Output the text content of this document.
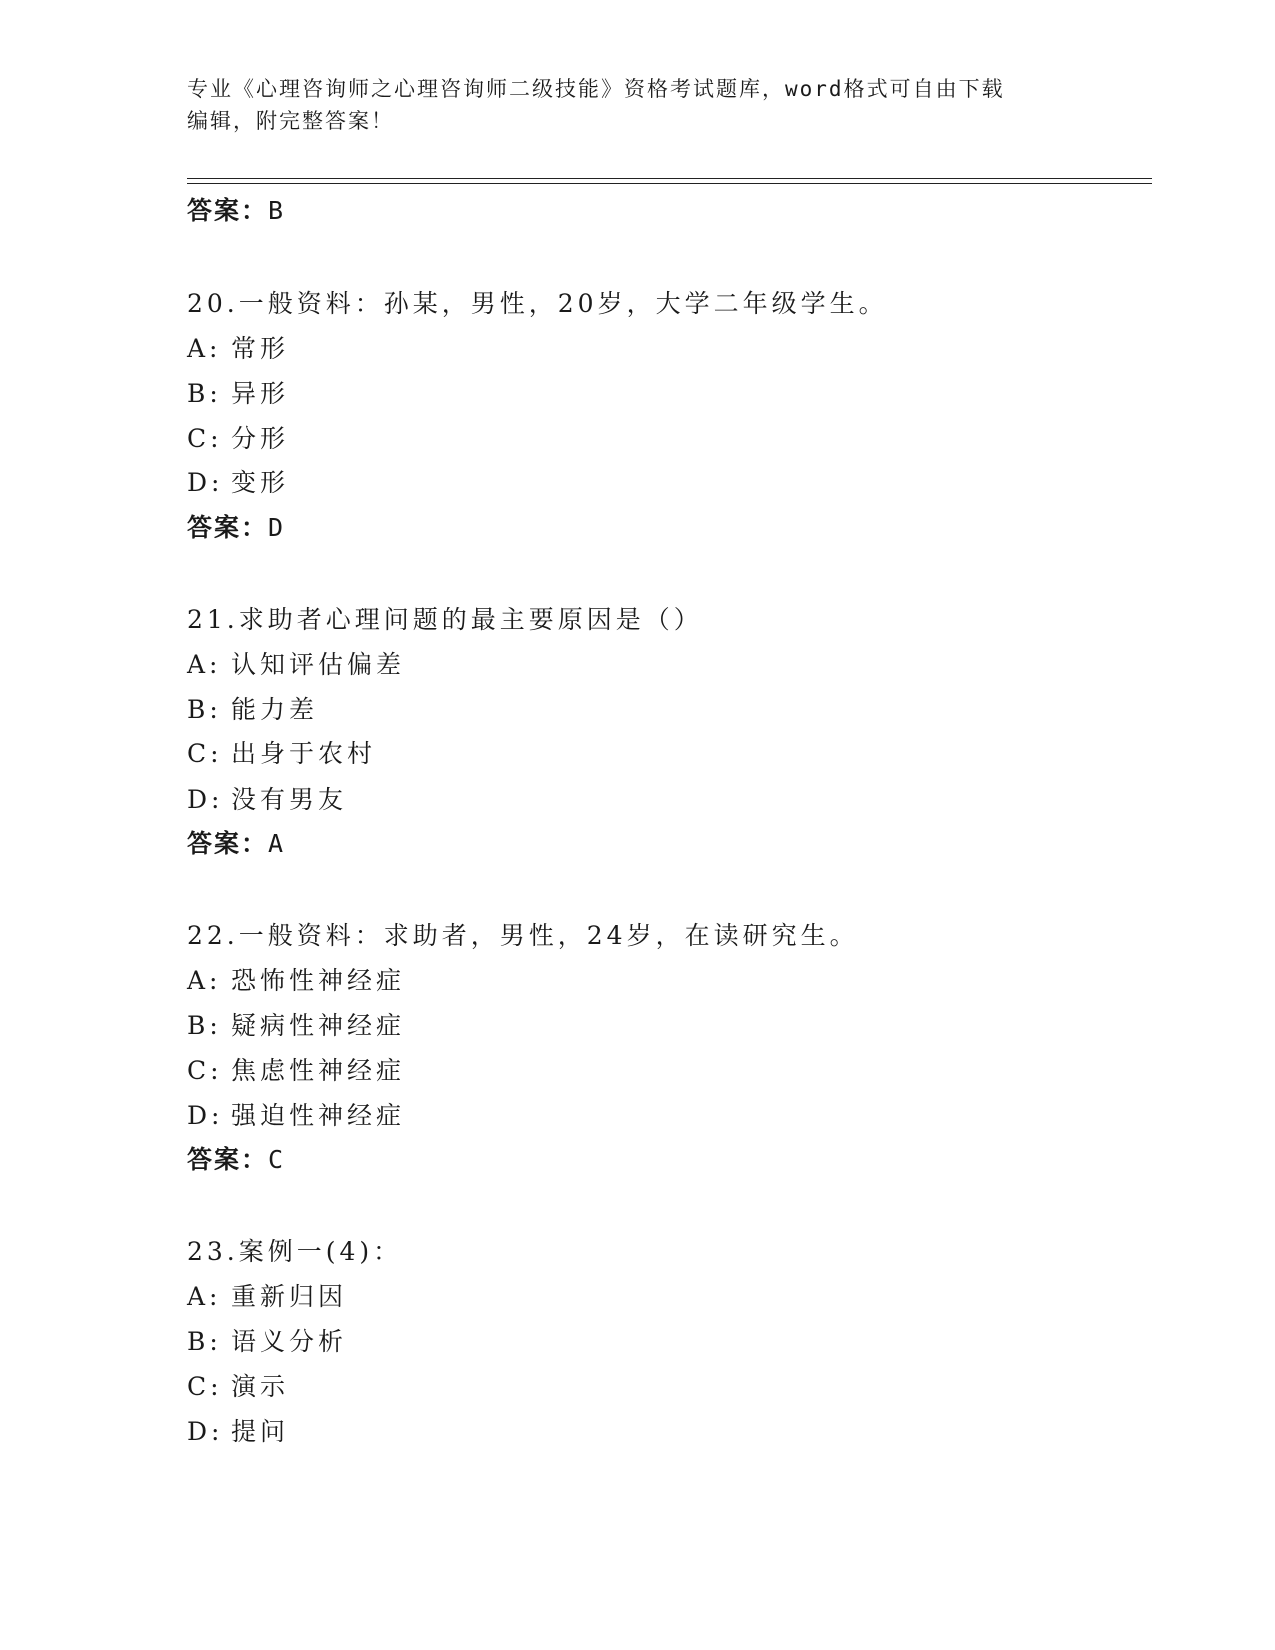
专业《心理咨询师之心理咨询师二级技能》资格考试题库，word格式可自由下载
编辑，附完整答案！
答案：B
20.一般资料：孙某，男性，20岁，大学二年级学生。
A: 常形
B: 异形
C: 分形
D: 变形
答案：D
21.求助者心理问题的最主要原因是（）
A: 认知评估偏差
B: 能力差
C: 出身于农村
D: 没有男友
答案：A
22.一般资料：求助者，男性，24岁，在读研究生。
A: 恐怖性神经症
B: 疑病性神经症
C: 焦虑性神经症
D: 强迫性神经症
答案：C
23.案例一(4)：
A: 重新归因
B: 语义分析
C: 演示
D: 提问
